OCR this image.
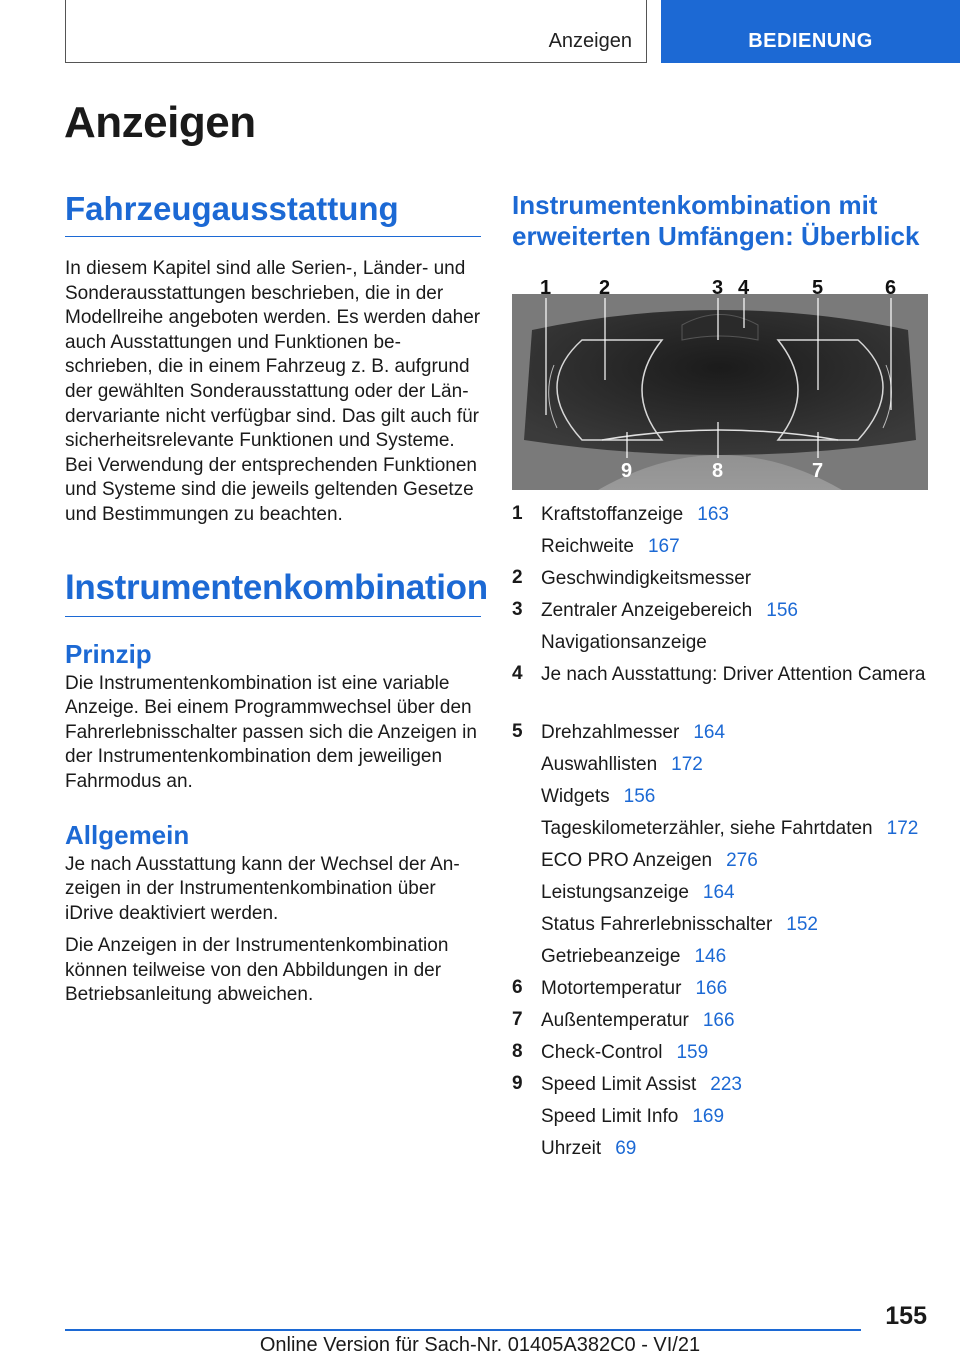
Anzeigen	BEDIENUNG
Anzeigen
Fahrzeugausstattung

In diesem Kapitel sind alle Serien-, Länder- und Sonderausstattungen beschrieben, die in der Modellreihe angeboten werden. Es werden daher auch Ausstattungen und Funktionen beschrieben, die in einem Fahrzeug z. B. aufgrund der gewählten Sonderausstattung oder der Ländervariante nicht verfügbar sind. Das gilt auch für sicherheitsrelevante Funktionen und Systeme. Bei Verwendung der entsprechenden Funktionen und Systeme sind die jeweils geltenden Gesetze und Bestimmungen zu beachten.

Instrumentenkombination
Prinzip

Die Instrumentenkombination ist eine variable Anzeige. Bei einem Programmwechsel über den Fahrerlebnisschalter passen sich die Anzeigen in der Instrumentenkombination dem jeweiligen Fahrmodus an.

Allgemein

Je nach Ausstattung kann der Wechsel der Anzeigen in der Instrumentenkombination über iDrive deaktiviert werden.

Die Anzeigen in der Instrumentenkombination können teilweise von den Abbildungen in der Betriebsanleitung abweichen.

Instrumentenkombination mit erweiterten Umfängen: Überblick
1 2	3 4	5	6
9	8	7
1 Kraftstoffanzeige 163
Reichweite 167
2 Geschwindigkeitsmesser
3 Zentraler Anzeigebereich 156
Navigationsanzeige
4 Je nach Ausstattung: Driver Attention Camera
5 Drehzahlmesser 164
Auswahllisten 172
Widgets 156
Tageskilometerzähler, siehe Fahrtdaten 172
ECO PRO Anzeigen 276
Leistungsanzeige 164
Status Fahrerlebnisschalter 152
Getriebeanzeige 146
6 Motortemperatur 166
7 Außentemperatur 166
8 Check-Control 159
9 Speed Limit Assist 223
Speed Limit Info 169
Uhrzeit 69
155
Online Version für Sach-Nr. 01405A382C0 - VI/21
